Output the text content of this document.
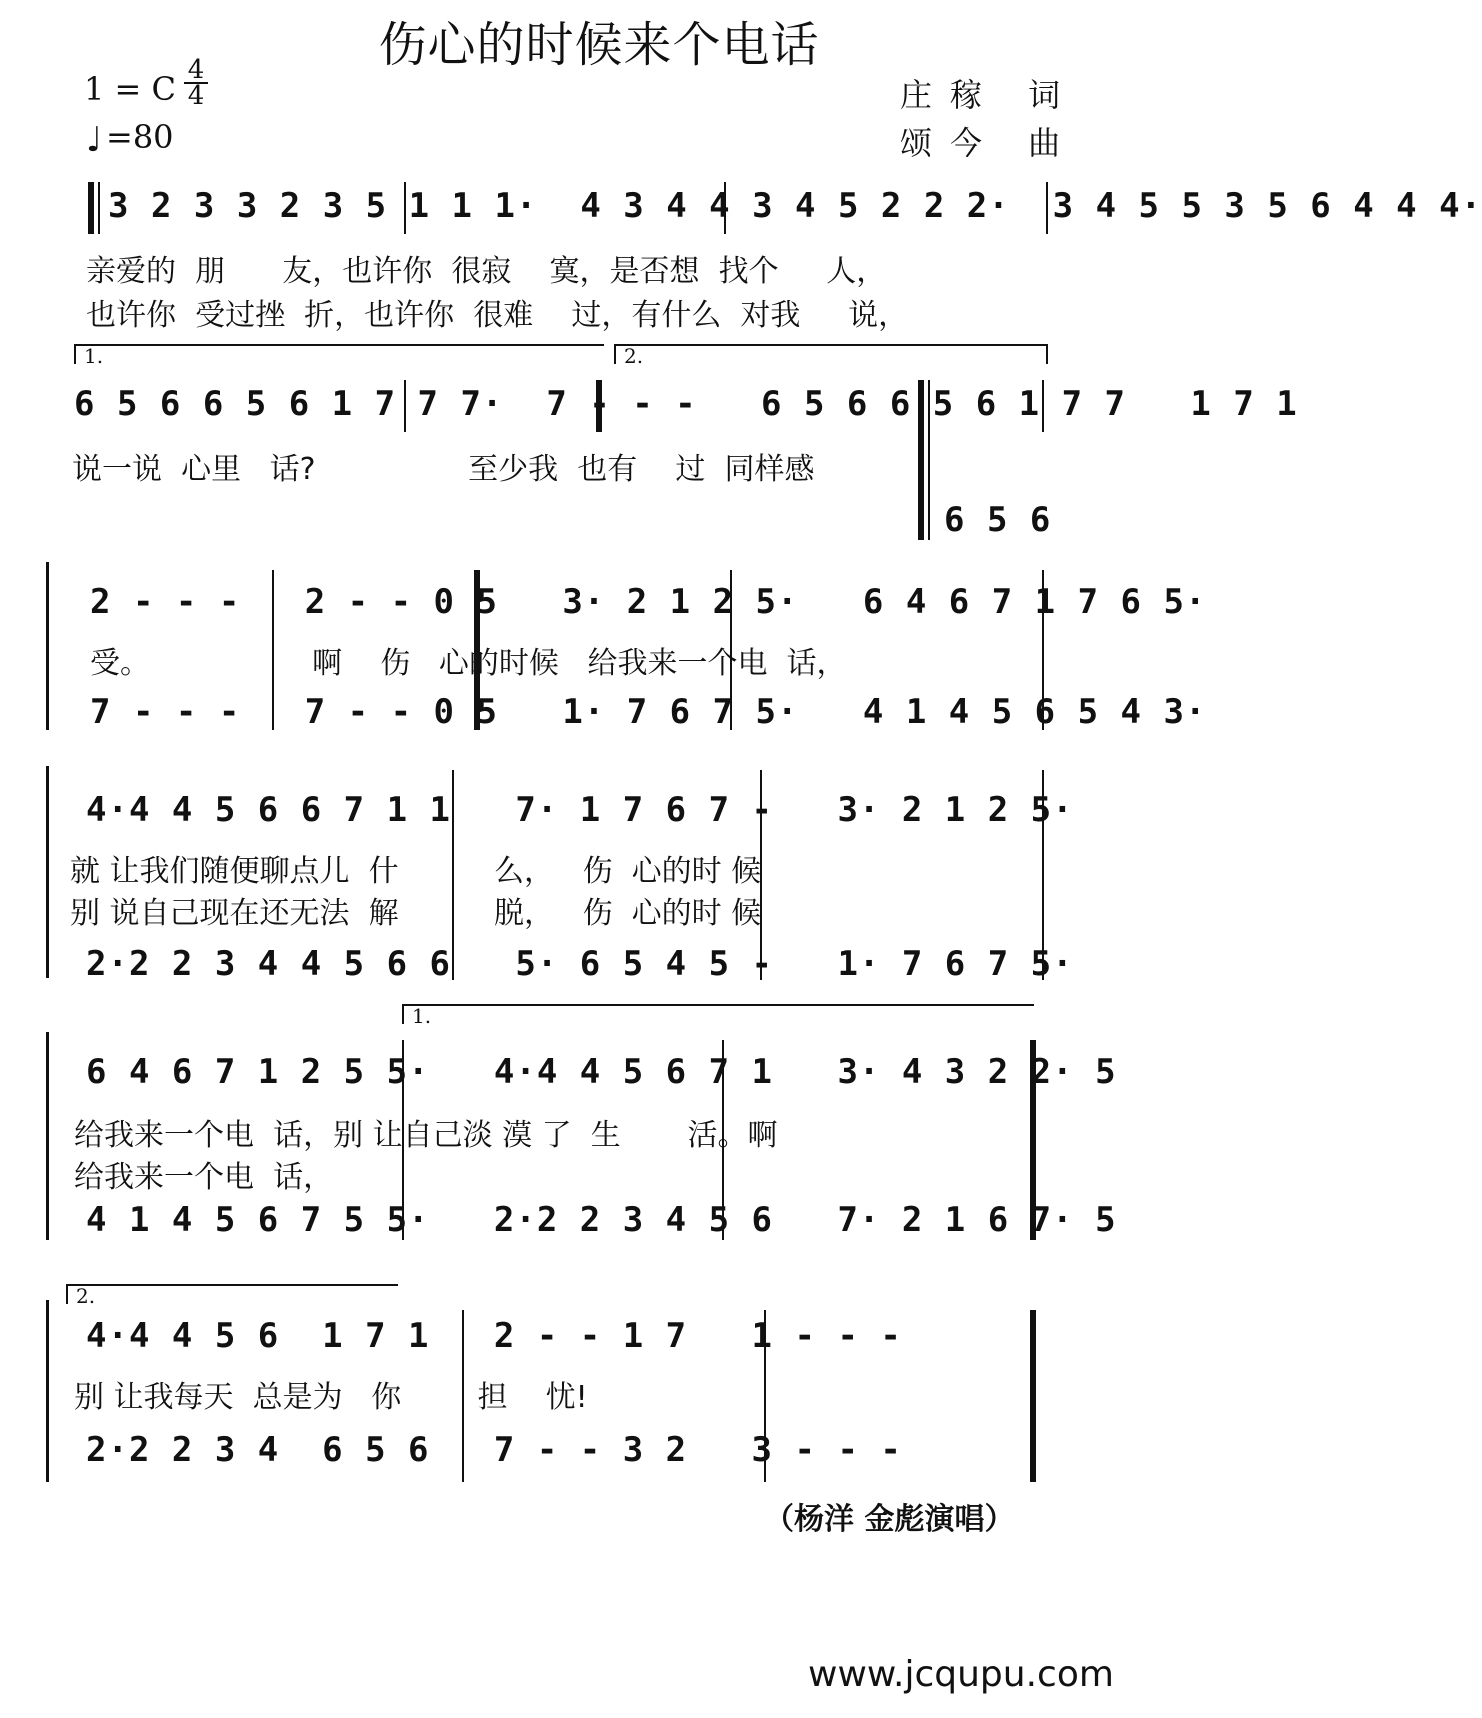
伤心的时候来个电话
1 = C 4
4
♩ =80
庄稼 词
颂今 曲
3 2 3 3 2 3 5 1 1 1·  4 3 4 4 3 4 5 2 2 2·  3 4 5 5 3 5 6 4 4 4·
亲爱的  朋      友，也许你  很寂    寞，是否想  找个     人，
也许你  受过挫  折，也许你  很难    过，有什么  对我     说，
1.	2.
6 5 6 6 5 6 1 7 7 7·  7 - - -   6 5 6 6 5 6 1 7 7   1 7 1
说一说  心里   话?                至少我  也有    过  同样感
6 5 6
2 - - -   2 - - 0 5   3· 2 1 2 5·   6 4 6 7 1 7 6 5·
受。                 啊    伤   心的时候   给我来一个电  话，
7 - - -   7 - - 0 5   1· 7 6 7 5·   4 1 4 5 6 5 4 3·
4·4 4 5 6 6 7 1 1   7· 1 7 6 7 -   3· 2 1 2 5·
就 让我们随便聊点儿  什          么，   伤  心的时 候
别 说自己现在还无法  解          脱，   伤  心的时 候
2·2 2 3 4 4 5 6 6   5· 6 5 4 5 -   1· 7 6 7 5·
1.
6 4 6 7 1 2 5 5·   4·4 4 5 6 7 1   3· 4 3 2 2· 5
给我来一个电  话，别 让自己淡 漠 了  生       活。啊
给我来一个电  话，
4 1 4 5 6 7 5 5·   2·2 2 3 4 5 6   7· 2 1 6 7· 5
2.
4·4 4 5 6  1 7 1   2 - - 1 7   1 - - -
别 让我每天  总是为   你        担    忧!
2·2 2 3 4  6 5 6   7 - - 3 2   3 - - -
（杨洋 金彪演唱）
www.jcqupu.com
